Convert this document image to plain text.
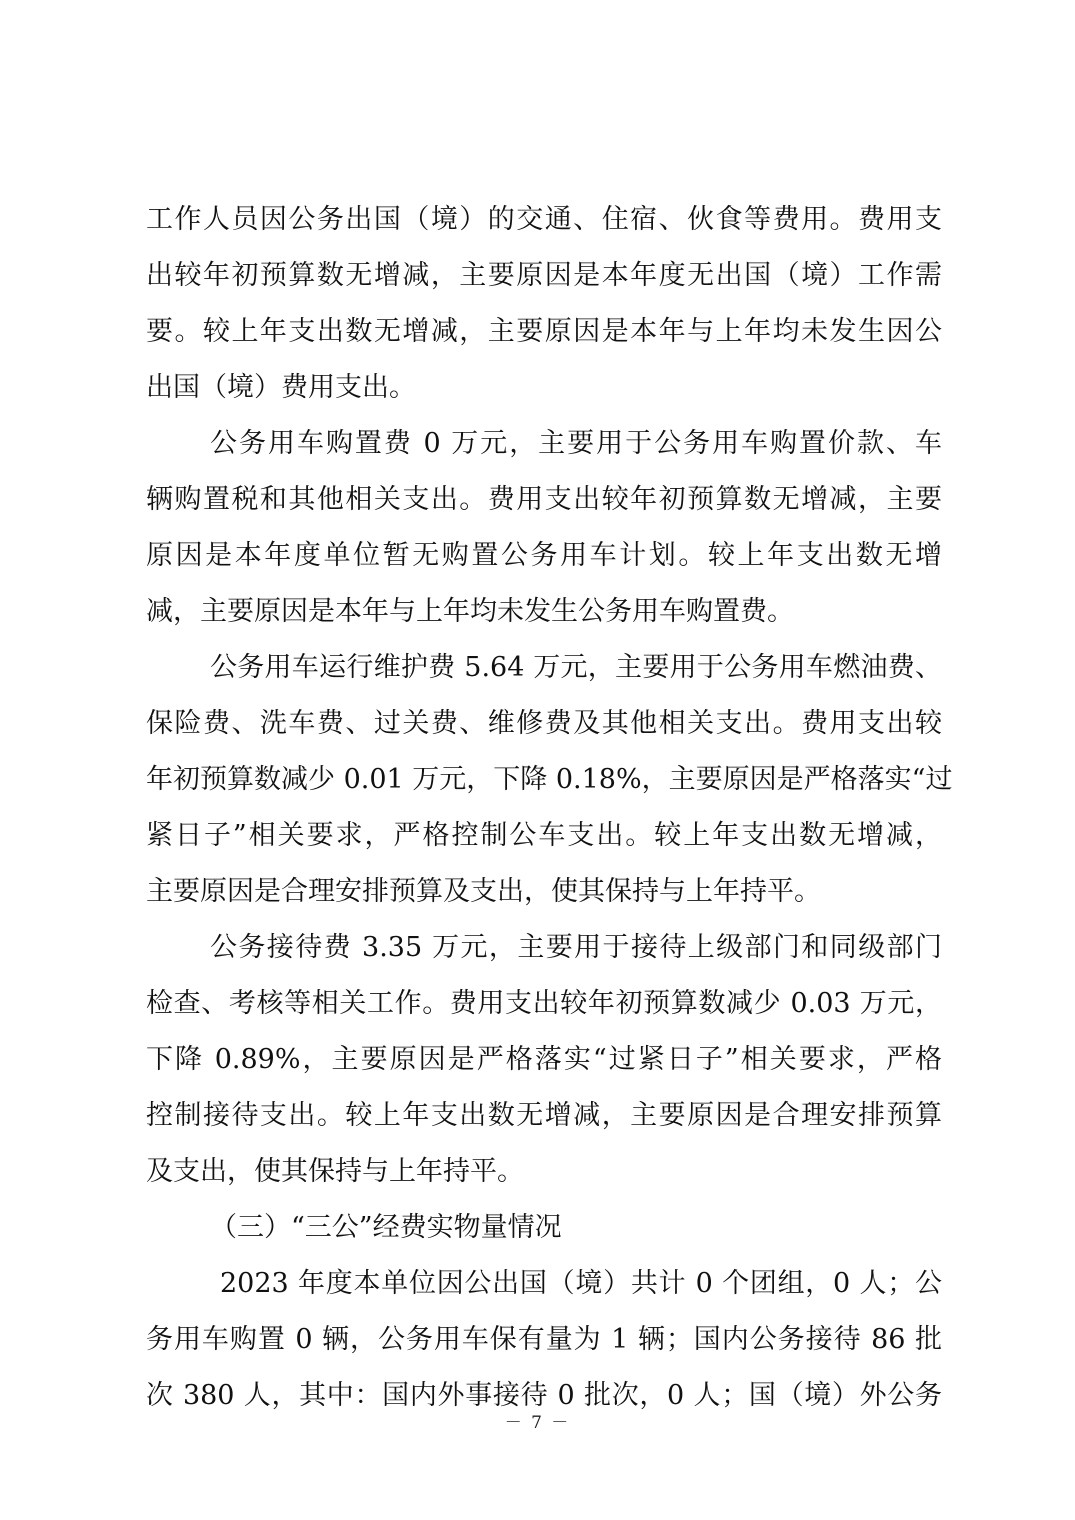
工作人员因公务出国（境）的交通、住宿、伙食等费用。费用支
出较年初预算数无增减，主要原因是本年度无出国（境）工作需
要。较上年支出数无增减，主要原因是本年与上年均未发生因公
出国（境）费用支出。
公务用车购置费 0 万元，主要用于公务用车购置价款、车
辆购置税和其他相关支出。费用支出较年初预算数无增减，主要
原因是本年度单位暂无购置公务用车计划。较上年支出数无增
减，主要原因是本年与上年均未发生公务用车购置费。
公务用车运行维护费 5.64 万元，主要用于公务用车燃油费、
保险费、洗车费、过关费、维修费及其他相关支出。费用支出较
年初预算数减少 0.01 万元，下降 0.18%，主要原因是严格落实“过
紧日子”相关要求，严格控制公车支出。较上年支出数无增减，
主要原因是合理安排预算及支出，使其保持与上年持平。
公务接待费 3.35 万元，主要用于接待上级部门和同级部门
检查、考核等相关工作。费用支出较年初预算数减少 0.03 万元，
下降 0.89%，主要原因是严格落实“过紧日子”相关要求，严格
控制接待支出。较上年支出数无增减，主要原因是合理安排预算
及支出，使其保持与上年持平。
（三）“三公”经费实物量情况
2023 年度本单位因公出国（境）共计 0 个团组，0 人；公
务用车购置 0 辆，公务用车保有量为 1 辆；国内公务接待 86 批
次 380 人，其中：国内外事接待 0 批次，0 人；国（境）外公务
－ 7 －
